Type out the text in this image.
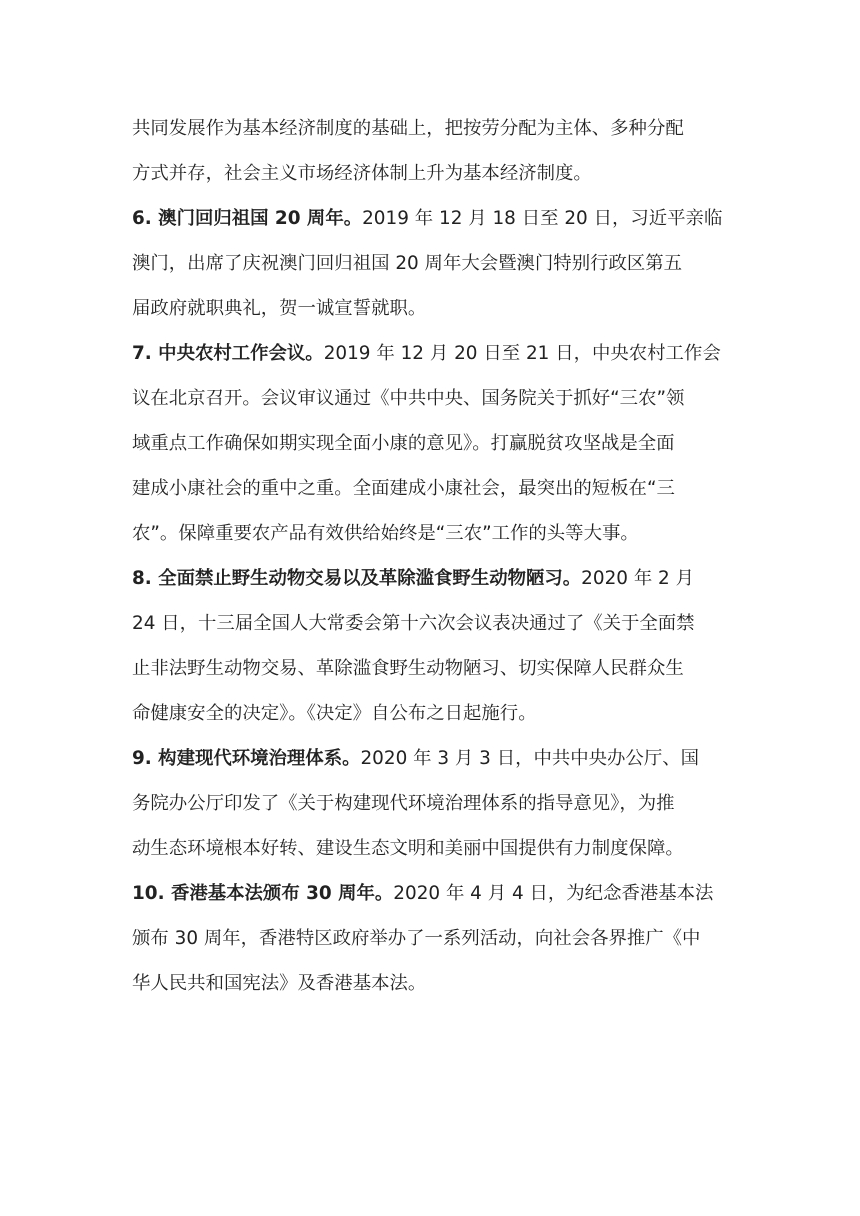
共同发展作为基本经济制度的基础上，把按劳分配为主体、多种分配
方式并存，社会主义市场经济体制上升为基本经济制度。
6. 澳门回归祖国 20 周年。2019 年 12 月 18 日至 20 日，习近平亲临
澳门，出席了庆祝澳门回归祖国 20 周年大会暨澳门特别行政区第五
届政府就职典礼，贺一诚宣誓就职。
7. 中央农村工作会议。2019 年 12 月 20 日至 21 日，中央农村工作会
议在北京召开。会议审议通过《中共中央、国务院关于抓好“三农”领
域重点工作确保如期实现全面小康的意见》。打赢脱贫攻坚战是全面
建成小康社会的重中之重。全面建成小康社会，最突出的短板在“三
农”。保障重要农产品有效供给始终是“三农”工作的头等大事。
8. 全面禁止野生动物交易以及革除滥食野生动物陋习。2020 年 2 月
24 日，十三届全国人大常委会第十六次会议表决通过了《关于全面禁
止非法野生动物交易、革除滥食野生动物陋习、切实保障人民群众生
命健康安全的决定》。《决定》自公布之日起施行。
9. 构建现代环境治理体系。2020 年 3 月 3 日，中共中央办公厅、国
务院办公厅印发了《关于构建现代环境治理体系的指导意见》，为推
动生态环境根本好转、建设生态文明和美丽中国提供有力制度保障。
10. 香港基本法颁布 30 周年。2020 年 4 月 4 日，为纪念香港基本法
颁布 30 周年，香港特区政府举办了一系列活动，向社会各界推广《中
华人民共和国宪法》及香港基本法。
